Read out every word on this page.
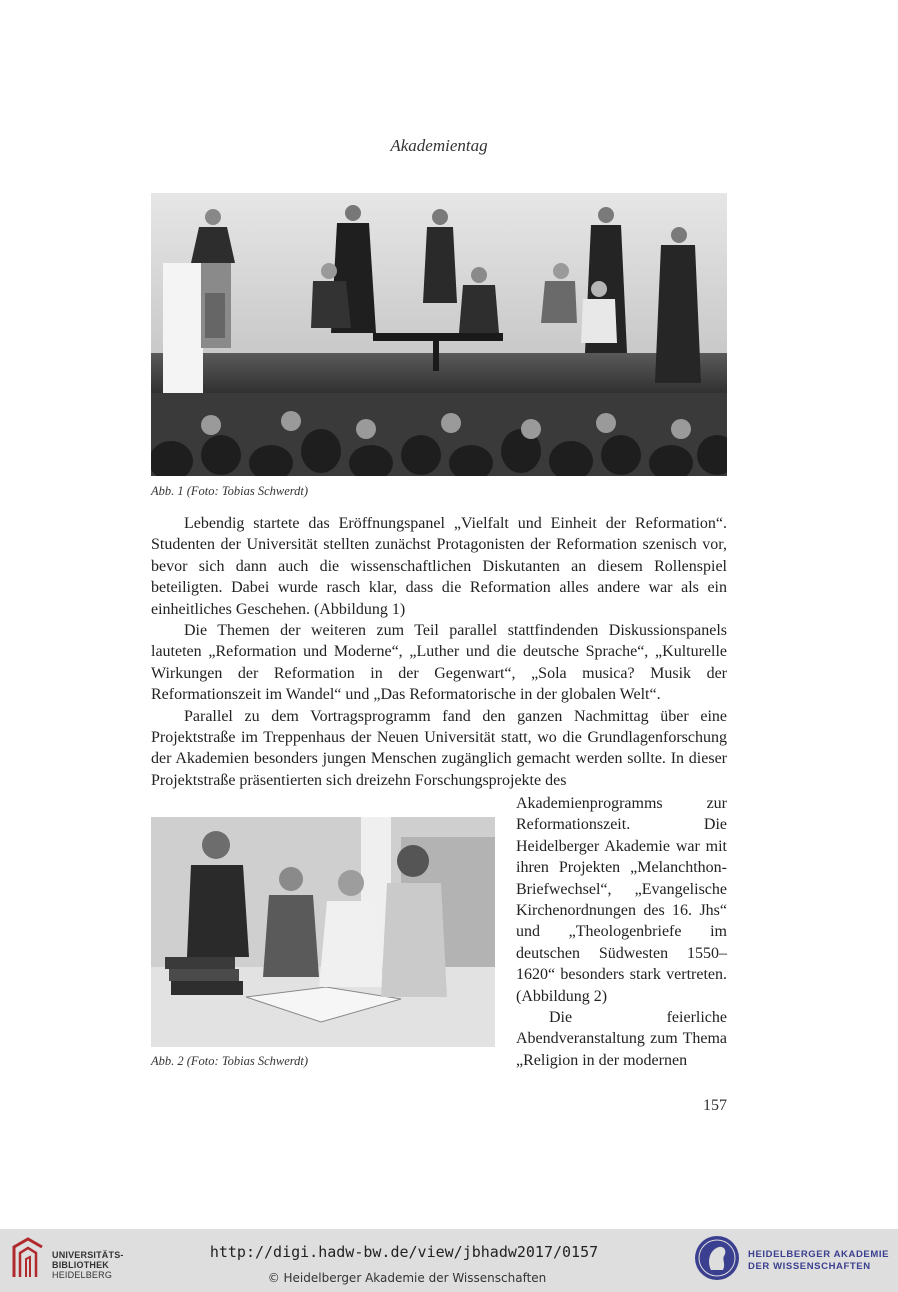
Akademientag
Abb. 1 (Foto: Tobias Schwerdt)

Lebendig startete das Eröffnungspanel „Vielfalt und Einheit der Reformation“. Studenten der Universität stellten zunächst Protagonisten der Reformation szenisch vor, bevor sich dann auch die wissenschaftlichen Diskutanten an diesem Rollenspiel beteiligten. Dabei wurde rasch klar, dass die Reformation alles andere war als ein einheitliches Geschehen. (Abbildung 1)

Die Themen der weiteren zum Teil parallel stattfindenden Diskussionspanels lauteten „Reformation und Moderne“, „Luther und die deutsche Sprache“, „Kulturelle Wirkungen der Reformation in der Gegenwart“, „Sola musica? Musik der Reformationszeit im Wandel“ und „Das Reformatorische in der globalen Welt“.

Parallel zu dem Vortragsprogramm fand den ganzen Nachmittag über eine Projektstraße im Treppenhaus der Neuen Universität statt, wo die Grundlagenforschung der Akademien besonders jungen Menschen zugänglich gemacht werden sollte. In dieser Projektstraße präsentierten sich dreizehn Forschungsprojekte des

Abb. 2 (Foto: Tobias Schwerdt)

Akademienprogramms zur Reformationszeit. Die Heidelberger Akademie war mit ihren Projekten „Melanchthon-Briefwechsel“, „Evangelische Kirchenordnungen des 16. Jhs“ und „Theologenbriefe im deutschen Südwesten 1550–1620“ besonders stark vertreten. (Abbildung 2)

Die feierliche Abendveranstaltung zum Thema „Religion in der modernen

157
UNIVERSITÄTS-
BIBLIOTHEK
HEIDELBERG
http://digi.hadw-bw.de/view/jbhadw2017/0157
© Heidelberger Akademie der Wissenschaften
HEIDELBERGER AKADEMIE
DER WISSENSCHAFTEN
